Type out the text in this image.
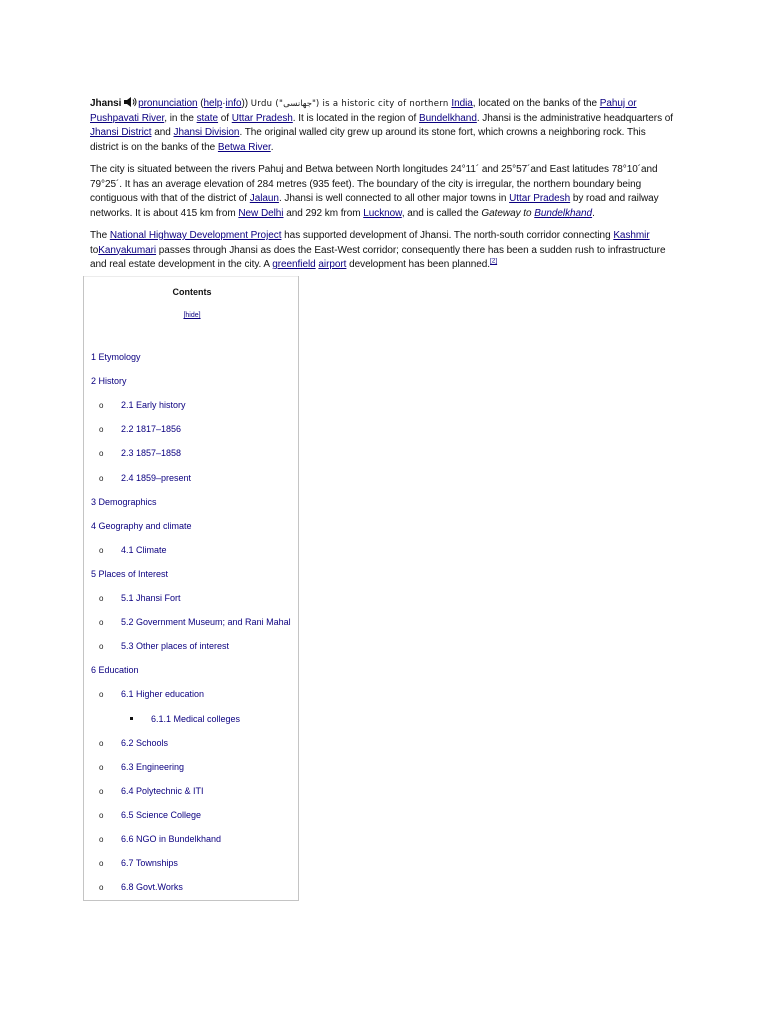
Jhansi pronunciation (help·info)) Urdu ("جھانسی") is a historic city of northern India, located on the banks of the Pahuj or Pushpavati River, in the state of Uttar Pradesh. It is located in the region of Bundelkhand. Jhansi is the administrative headquarters of Jhansi District and Jhansi Division. The original walled city grew up around its stone fort, which crowns a neighboring rock. This district is on the banks of the Betwa River.

The city is situated between the rivers Pahuj and Betwa between North longitudes 24°11´ and 25°57´and East latitudes 78°10´and 79°25´. It has an average elevation of 284 metres (935 feet). The boundary of the city is irregular, the northern boundary being contiguous with that of the district of Jalaun. Jhansi is well connected to all other major towns in Uttar Pradesh by road and railway networks. It is about 415 km from New Delhi and 292 km from Lucknow, and is called the Gateway to Bundelkhand.

The National Highway Development Project has supported development of Jhansi. The north-south corridor connecting Kashmir toKanyakumari passes through Jhansi as does the East-West corridor; consequently there has been a sudden rush to infrastructure and real estate development in the city. A greenfield airport development has been planned.[2]

Contents
[hide]
1 Etymology
2 History
o 2.1 Early history
o 2.2 1817–1856
o 2.3 1857–1858
o 2.4 1859–present
3 Demographics
4 Geography and climate
o 4.1 Climate
5 Places of Interest
o 5.1 Jhansi Fort
o 5.2 Government Museum; and Rani Mahal
o 5.3 Other places of interest
6 Education
o 6.1 Higher education
6.1.1 Medical colleges
o 6.2 Schools
o 6.3 Engineering
o 6.4 Polytechnic & ITI
o 6.5 Science College
o 6.6 NGO in Bundelkhand
o 6.7 Townships
o 6.8 Govt.Works
